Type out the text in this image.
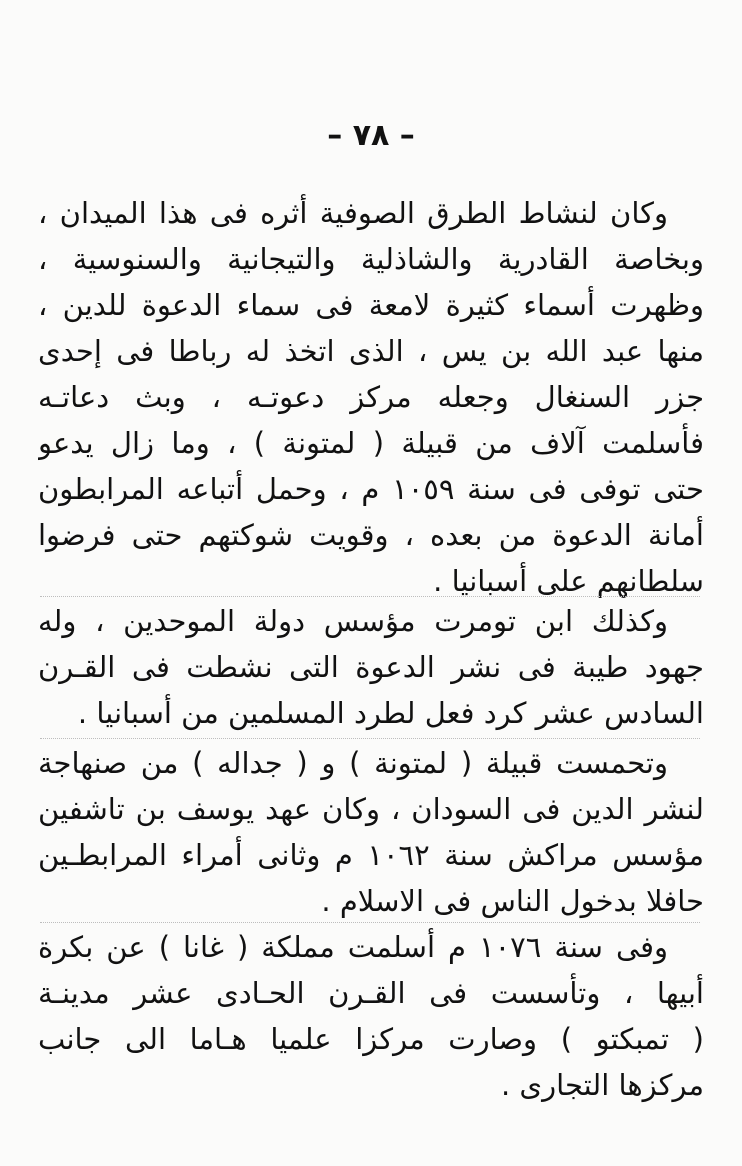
– ٧٨ –
وكان لنشاط الطرق الصوفية أثره فى هذا الميدان ،
وبخاصة القادرية والشاذلية والتيجانية والسنوسية ،
وظهرت أسماء كثيرة لامعة فى سماء الدعوة للدين ،
منها عبد الله بن يس ، الذى اتخذ له رباطا فى إحدى
جزر السنغال وجعله مركز دعوتـه ، وبث دعاتـه
فأسلمت آلاف من قبيلة ( لمتونة ) ، وما زال يدعو
حتى توفى فى سنة ١٠٥٩ م ، وحمل أتباعه المرابطون
أمانة الدعوة من بعده ، وقويت شوكتهم حتى فرضوا
سلطانهم على أسبانيا .
وكذلك ابن تومرت مؤسس دولة الموحدين ، وله
جهود طيبة فى نشر الدعوة التى نشطت فى القـرن
السادس عشر كرد فعل لطرد المسلمين من أسبانيا .
وتحمست قبيلة ( لمتونة ) و ( جداله ) من صنهاجة
لنشر الدين فى السودان ، وكان عهد يوسف بن تاشفين
مؤسس مراكش سنة ١٠٦٢ م وثانى أمراء المرابطـين
حافلا بدخول الناس فى الاسلام .
وفى سنة ١٠٧٦ م أسلمت مملكة ( غانا ) عن بكرة
أبيها ، وتأسست فى القـرن الحـادى عشر مدينـة
( تمبكتو ) وصارت مركزا علميا هـاما الى جانب
مركزها التجارى .
